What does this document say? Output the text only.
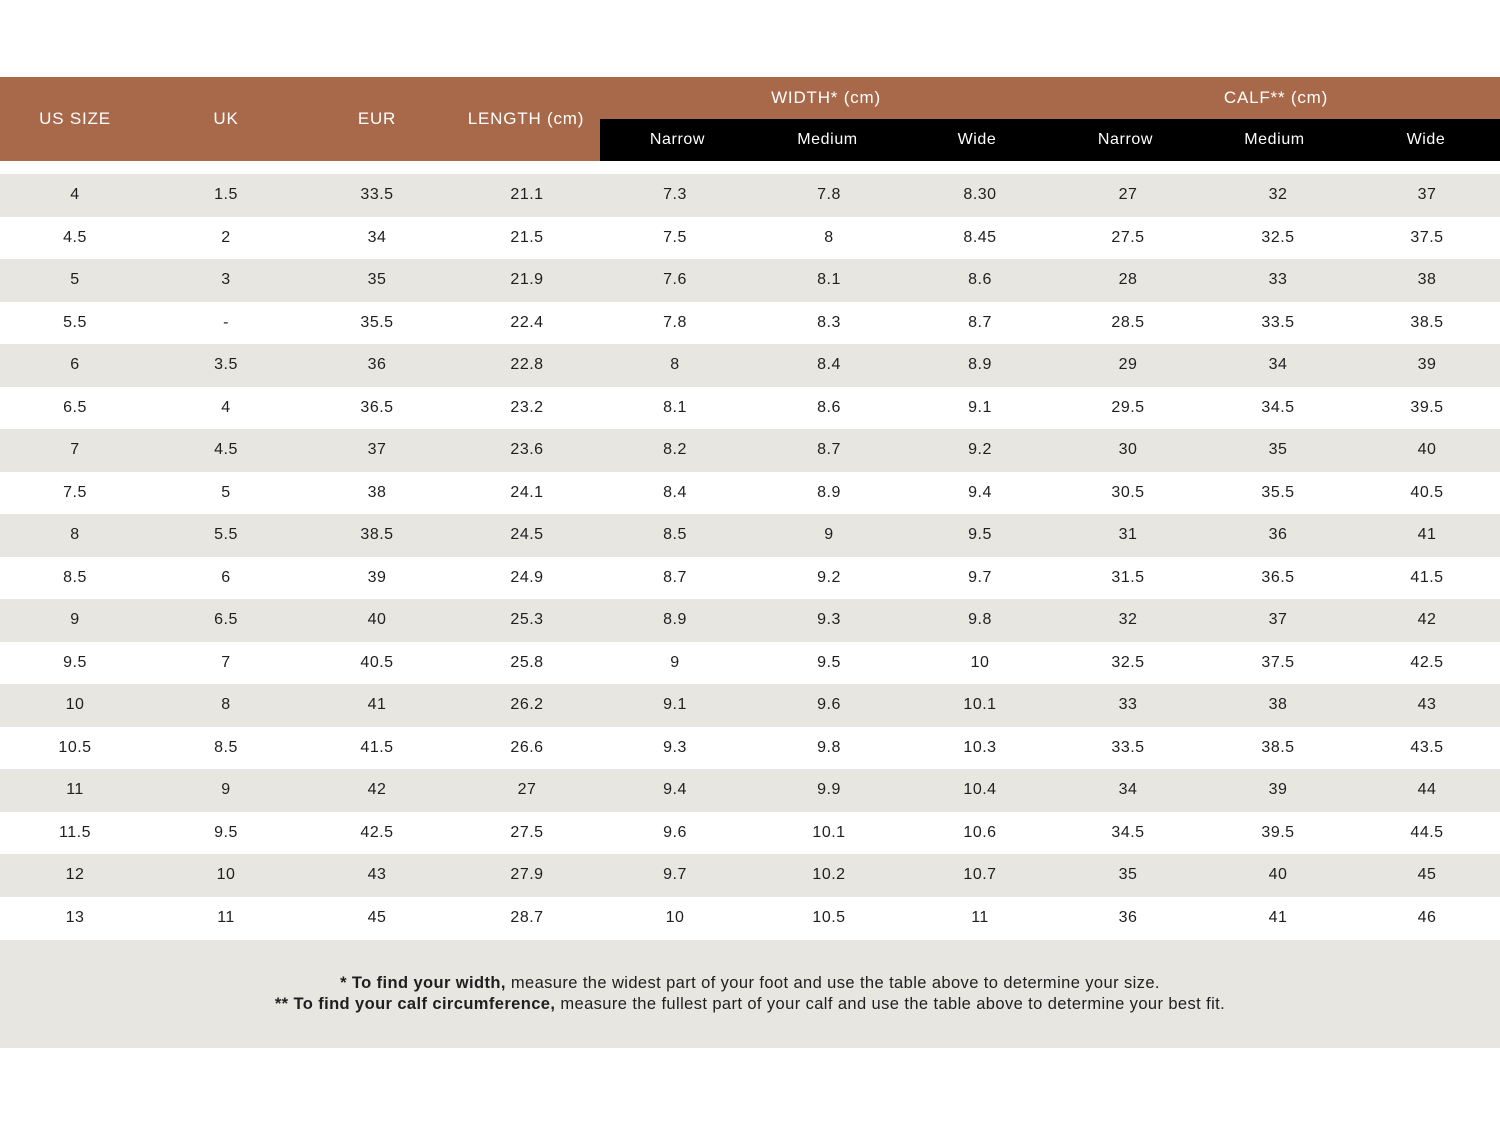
US SIZE	UK	EUR	LENGTH (cm)
WIDTH* (cm)	CALF** (cm)
Narrow	Medium	Wide	Narrow	Medium	Wide
4	1.5	33.5	21.1	7.3	7.8	8.30	27	32	37
4.5	2	34	21.5	7.5	8	8.45	27.5	32.5	37.5
5	3	35	21.9	7.6	8.1	8.6	28	33	38
5.5	-	35.5	22.4	7.8	8.3	8.7	28.5	33.5	38.5
6	3.5	36	22.8	8	8.4	8.9	29	34	39
6.5	4	36.5	23.2	8.1	8.6	9.1	29.5	34.5	39.5
7	4.5	37	23.6	8.2	8.7	9.2	30	35	40
7.5	5	38	24.1	8.4	8.9	9.4	30.5	35.5	40.5
8	5.5	38.5	24.5	8.5	9	9.5	31	36	41
8.5	6	39	24.9	8.7	9.2	9.7	31.5	36.5	41.5
9	6.5	40	25.3	8.9	9.3	9.8	32	37	42
9.5	7	40.5	25.8	9	9.5	10	32.5	37.5	42.5
10	8	41	26.2	9.1	9.6	10.1	33	38	43
10.5	8.5	41.5	26.6	9.3	9.8	10.3	33.5	38.5	43.5
11	9	42	27	9.4	9.9	10.4	34	39	44
11.5	9.5	42.5	27.5	9.6	10.1	10.6	34.5	39.5	44.5
12	10	43	27.9	9.7	10.2	10.7	35	40	45
13	11	45	28.7	10	10.5	11	36	41	46
* To find your width, measure the widest part of your foot and use the table above to determine your size.
** To find your calf circumference, measure the fullest part of your calf and use the table above to determine your best fit.
